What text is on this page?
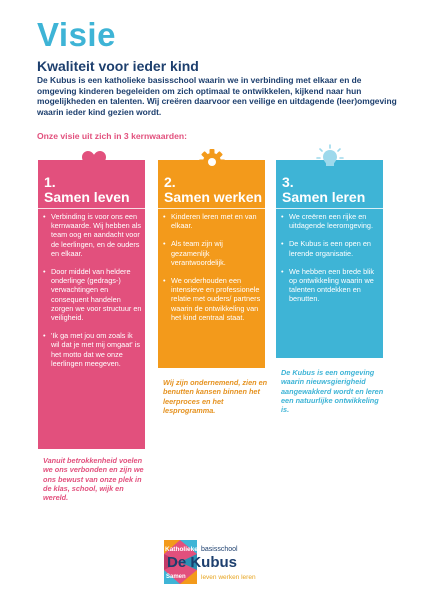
Visie
Kwaliteit voor ieder kind

De Kubus is een katholieke basisschool waarin we in verbinding met elkaar en de omgeving kinderen begeleiden om zich optimaal te ontwikkelen, kijkend naar hun mogelijkheden en talenten. Wij creëren daarvoor een veilige en uitdagende (leer)omgeving waarin ieder kind gezien wordt.

Onze visie uit zich in 3 kernwaarden:

1.
Samen leven
• Verbinding is voor ons een kernwaarde. Wij hebben als team oog en aandacht voor de leerlingen, en de ouders en elkaar.
• Door middel van heldere onderlinge (gedrags-) verwachtingen en consequent handelen zorgen we voor structuur en veiligheid.
• 'Ik ga met jou om zoals ik wil dat je met mij omgaat' is het motto dat we onze leerlingen meegeven.

Vanuit betrokkenheid voelen we ons verbonden en zijn we ons bewust van onze plek in de klas, school, wijk en wereld.

2.
Samen werken
• Kinderen leren met en van elkaar.
• Als team zijn wij gezamenlijk verantwoordelijk.
• We onderhouden een intensieve en professionele relatie met ouders/ partners waarin de ontwikkeling van het kind centraal staat.

Wij zijn ondernemend, zien en benutten kansen binnen het leerproces en het lesprogramma.

3.
Samen leren
• We creëren een rijke en uitdagende leeromgeving.
• De Kubus is een open en lerende organisatie.
• We hebben een brede blik op ontwikkeling waarin we talenten ontdekken en benutten.

De Kubus is een omgeving waarin nieuwsgierigheid aangewakkerd wordt en leren een natuurlijke ontwikkeling is.

Katholieke basisschool
De Kubus
Samen leven werken leren
